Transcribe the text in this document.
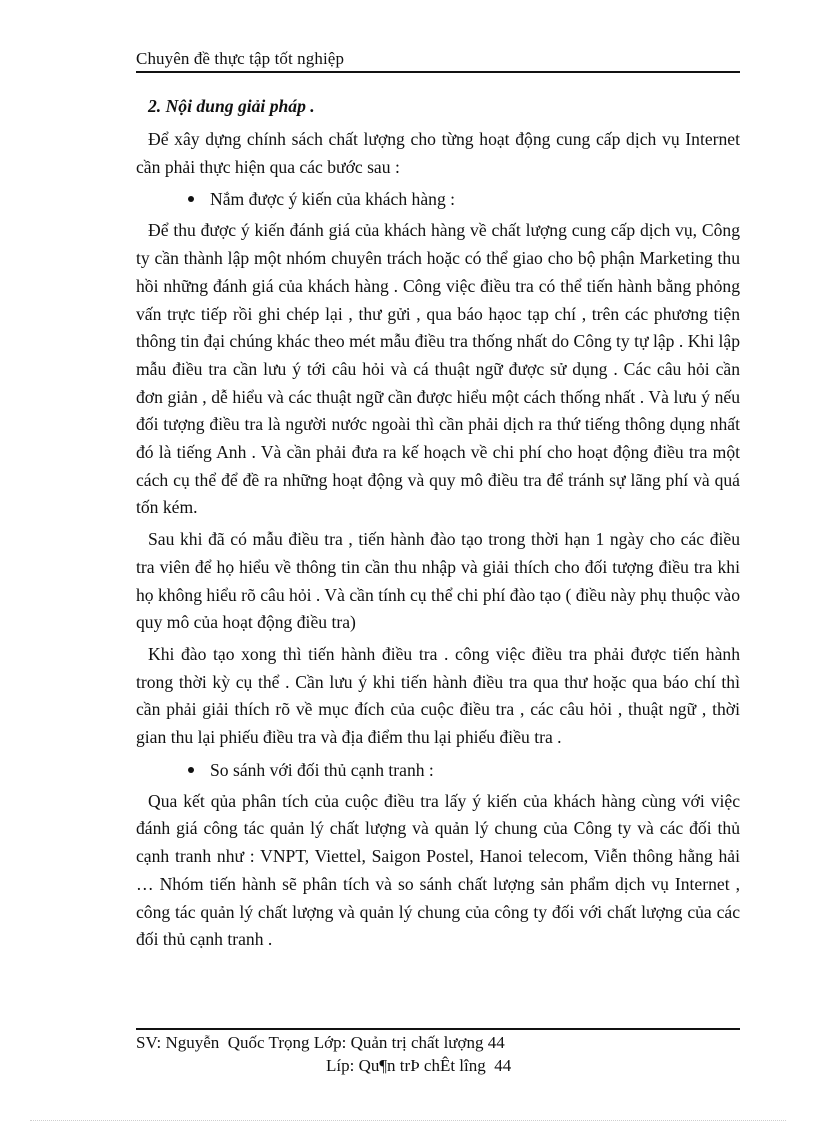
Chuyên đề thực tập tốt nghiệp
2. Nội dung giải pháp .

Để xây dựng chính sách chất lượng cho từng hoạt động cung cấp dịch vụ Internet cần phải thực hiện qua các bước sau :

Nắm được ý kiến của khách hàng :

Để thu được ý kiến đánh giá của khách hàng về chất lượng cung cấp dịch vụ, Công ty cần thành lập một nhóm chuyên trách hoặc có thể giao cho bộ phận Marketing thu hồi những đánh giá của khách hàng . Công việc điều tra có thể tiến hành bằng phỏng vấn trực tiếp rồi ghi chép lại , thư gửi , qua báo hạoc tạp chí , trên các phương tiện thông tin đại chúng khác theo mét mẫu điều tra thống nhất do Công ty tự lập . Khi lập mẫu điều tra cần lưu ý tới câu hỏi và cá thuật ngữ được sử dụng . Các câu hỏi cần đơn giản , dễ hiểu và các thuật ngữ cần được hiểu một cách thống nhất . Và lưu ý nếu đối tượng điều tra là người nước ngoài thì cần phải dịch ra thứ tiếng thông dụng nhất đó là tiếng Anh . Và cần phải đưa ra kế hoạch về chi phí cho hoạt động điều tra một cách cụ thể để đề ra những hoạt động và quy mô điều tra để tránh sự lãng phí và quá tốn kém.

Sau khi đã có mẫu điều tra , tiến hành đào tạo trong thời hạn 1 ngày cho các điều tra viên để họ hiểu về thông tin cần thu nhập và giải thích cho đối tượng điều tra khi họ không hiểu rõ câu hỏi . Và cần tính cụ thể chi phí đào tạo ( điều này phụ thuộc vào quy mô của hoạt động điều tra)

Khi đào tạo xong thì tiến hành điều tra . công việc điều tra phải được tiến hành trong thời kỳ cụ thể . Cần lưu ý khi tiến hành điều tra qua thư hoặc qua báo chí thì cần phải giải thích rõ về mục đích của cuộc điều tra , các câu hỏi , thuật ngữ , thời gian thu lại phiếu điều tra và địa điểm thu lại phiếu điều tra .

So sánh với đối thủ cạnh tranh :

Qua kết qủa phân tích của cuộc điều tra lấy ý kiến của khách hàng cùng với việc đánh giá công tác quản lý chất lượng và quản lý chung của Công ty và các đối thủ cạnh tranh như : VNPT, Viettel, Saigon Postel, Hanoi telecom, Viễn thông hằng hải … Nhóm tiến hành sẽ phân tích và so sánh chất lượng sản phẩm dịch vụ Internet , công tác quản lý chất lượng và quản lý chung của công ty đối với chất lượng của các đối thủ cạnh tranh .

SV: Nguyễn  Quốc Trọng Lớp: Quản trị chất lượng 44
Líp: Qu¶n trÞ chÊt lîng  44
